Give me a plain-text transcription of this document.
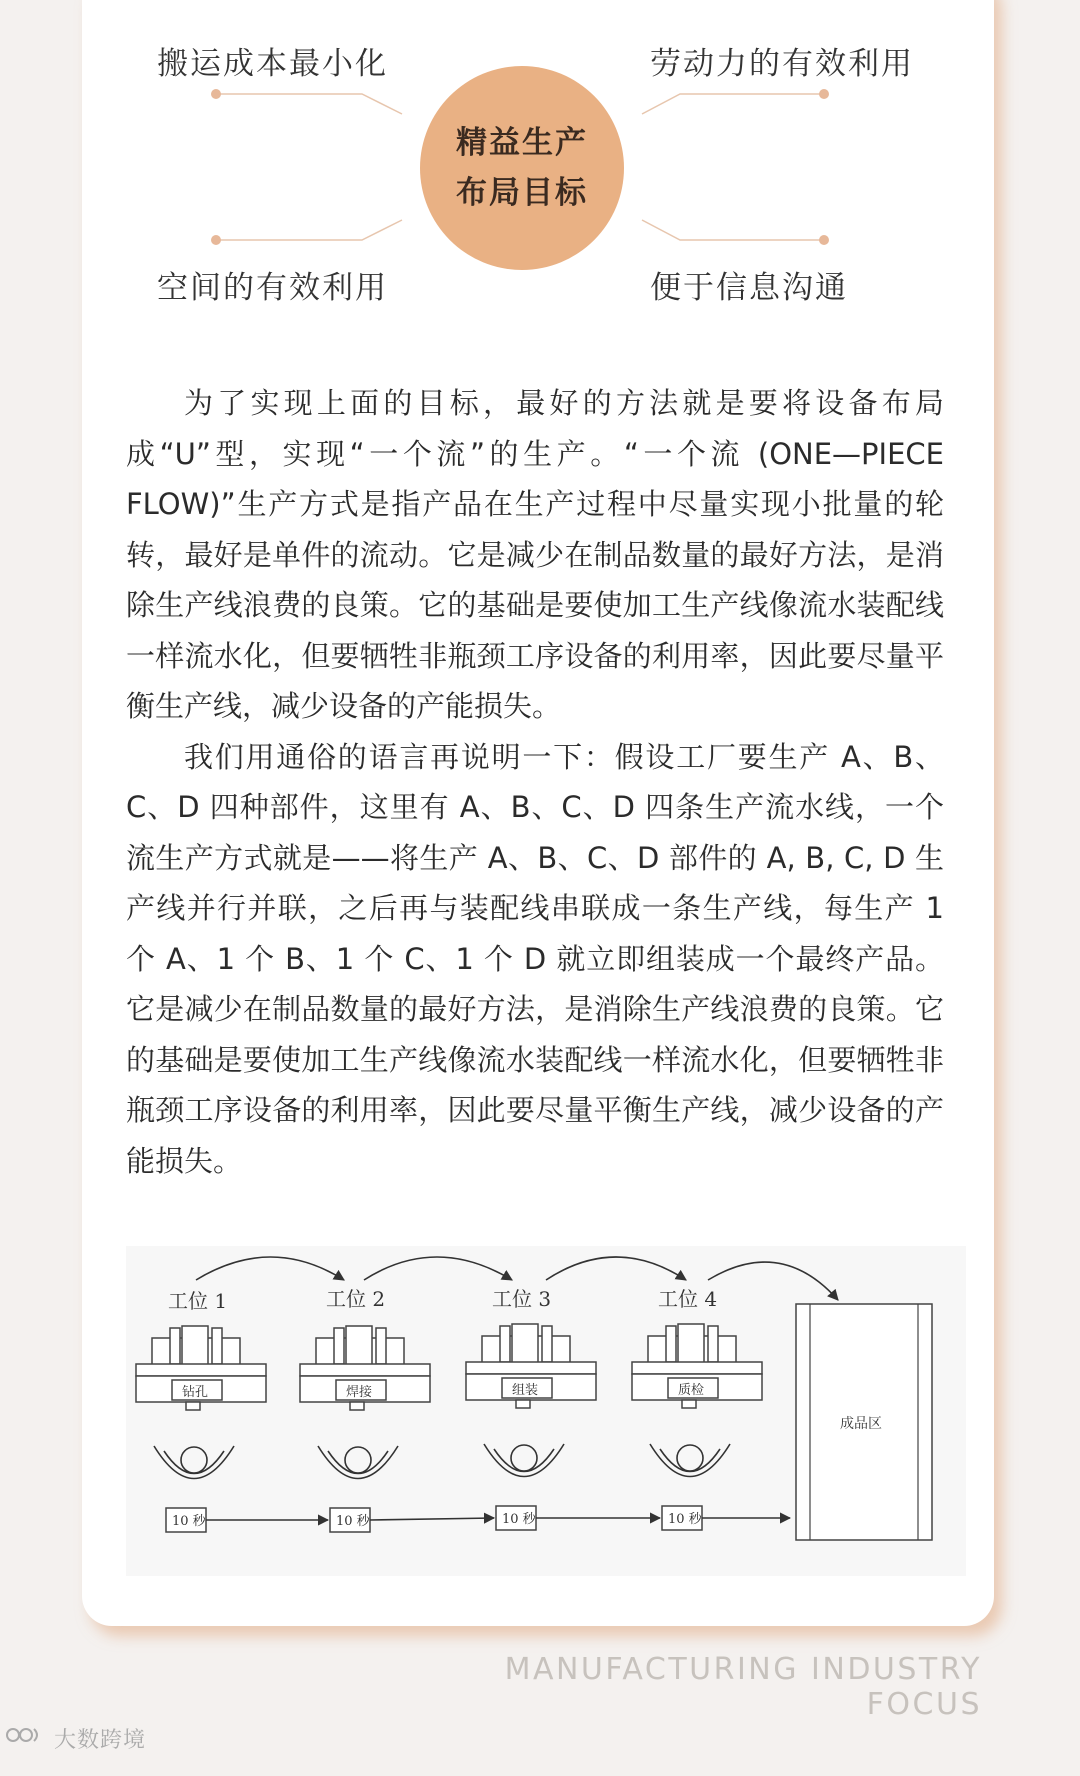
搬运成本最小化	劳动力的有效利用
空间的有效利用	便于信息沟通
精益生产
布局目标

为了实现上面的目标，最好的方法就是要将设备布局成“U”型，实现“一个流”的生产。“一个流 (ONE—PIECE FLOW)”生产方式是指产品在生产过程中尽量实现小批量的轮转，最好是单件的流动。它是减少在制品数量的最好方法，是消除生产线浪费的良策。它的基础是要使加工生产线像流水装配线一样流水化，但要牺牲非瓶颈工序设备的利用率，因此要尽量平衡生产线，减少设备的产能损失。

我们用通俗的语言再说明一下：假设工厂要生产 A、B、C、D 四种部件，这里有 A、B、C、D 四条生产流水线，一个流生产方式就是——将生产 A、B、C、D 部件的 A, B, C, D 生产线并行并联，之后再与装配线串联成一条生产线，每生产 1 个 A、1 个 B、1 个 C、1 个 D 就立即组装成一个最终产品。它是减少在制品数量的最好方法，是消除生产线浪费的良策。它的基础是要使加工生产线像流水装配线一样流水化，但要牺牲非瓶颈工序设备的利用率，因此要尽量平衡生产线，减少设备的产能损失。

工位 1
钻孔
10 秒
工位 2
焊接
10 秒
工位 3
组装
10 秒
工位 4
质检
10 秒
成品区
MANUFACTURING INDUSTRY FOCUS
大数跨境
